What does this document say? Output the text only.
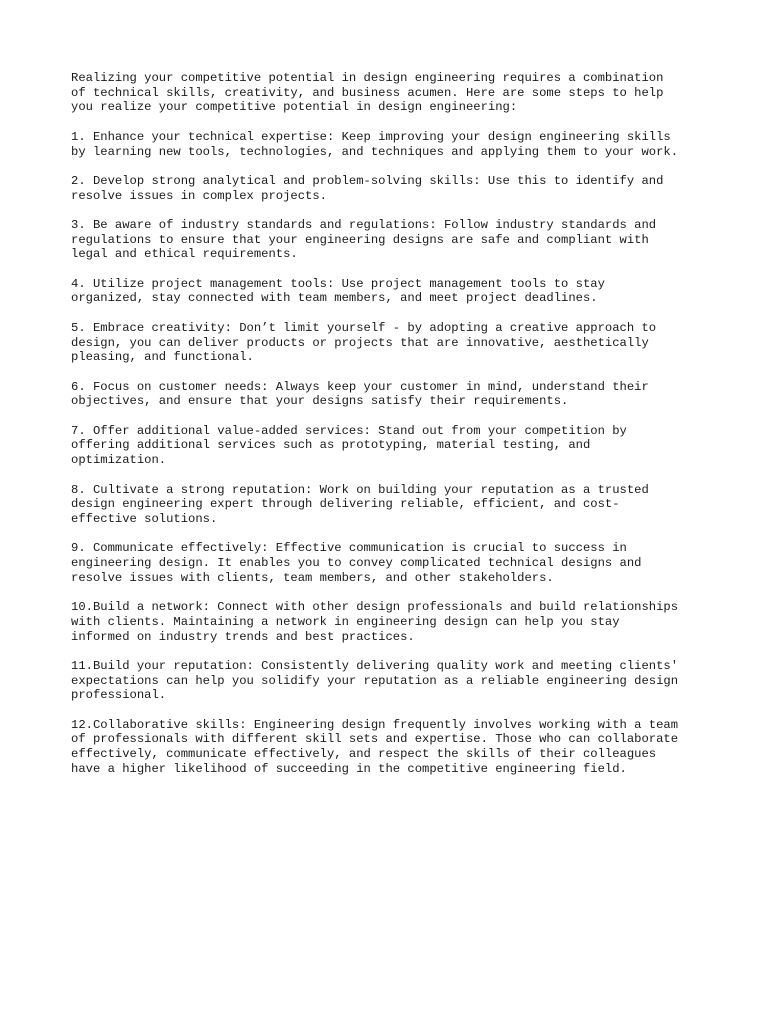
Realizing your competitive potential in design engineering requires a combination
of technical skills, creativity, and business acumen. Here are some steps to help
you realize your competitive potential in design engineering:

1. Enhance your technical expertise: Keep improving your design engineering skills
by learning new tools, technologies, and techniques and applying them to your work.

2. Develop strong analytical and problem-solving skills: Use this to identify and
resolve issues in complex projects.

3. Be aware of industry standards and regulations: Follow industry standards and
regulations to ensure that your engineering designs are safe and compliant with
legal and ethical requirements.

4. Utilize project management tools: Use project management tools to stay
organized, stay connected with team members, and meet project deadlines.

5. Embrace creativity: Don’t limit yourself - by adopting a creative approach to
design, you can deliver products or projects that are innovative, aesthetically
pleasing, and functional.

6. Focus on customer needs: Always keep your customer in mind, understand their
objectives, and ensure that your designs satisfy their requirements.

7. Offer additional value-added services: Stand out from your competition by
offering additional services such as prototyping, material testing, and
optimization.

8. Cultivate a strong reputation: Work on building your reputation as a trusted
design engineering expert through delivering reliable, efficient, and cost-
effective solutions.

9. Communicate effectively: Effective communication is crucial to success in
engineering design. It enables you to convey complicated technical designs and
resolve issues with clients, team members, and other stakeholders.

10.Build a network: Connect with other design professionals and build relationships
with clients. Maintaining a network in engineering design can help you stay
informed on industry trends and best practices.

11.Build your reputation: Consistently delivering quality work and meeting clients'
expectations can help you solidify your reputation as a reliable engineering design
professional.

12.Collaborative skills: Engineering design frequently involves working with a team
of professionals with different skill sets and expertise. Those who can collaborate
effectively, communicate effectively, and respect the skills of their colleagues
have a higher likelihood of succeeding in the competitive engineering field.
